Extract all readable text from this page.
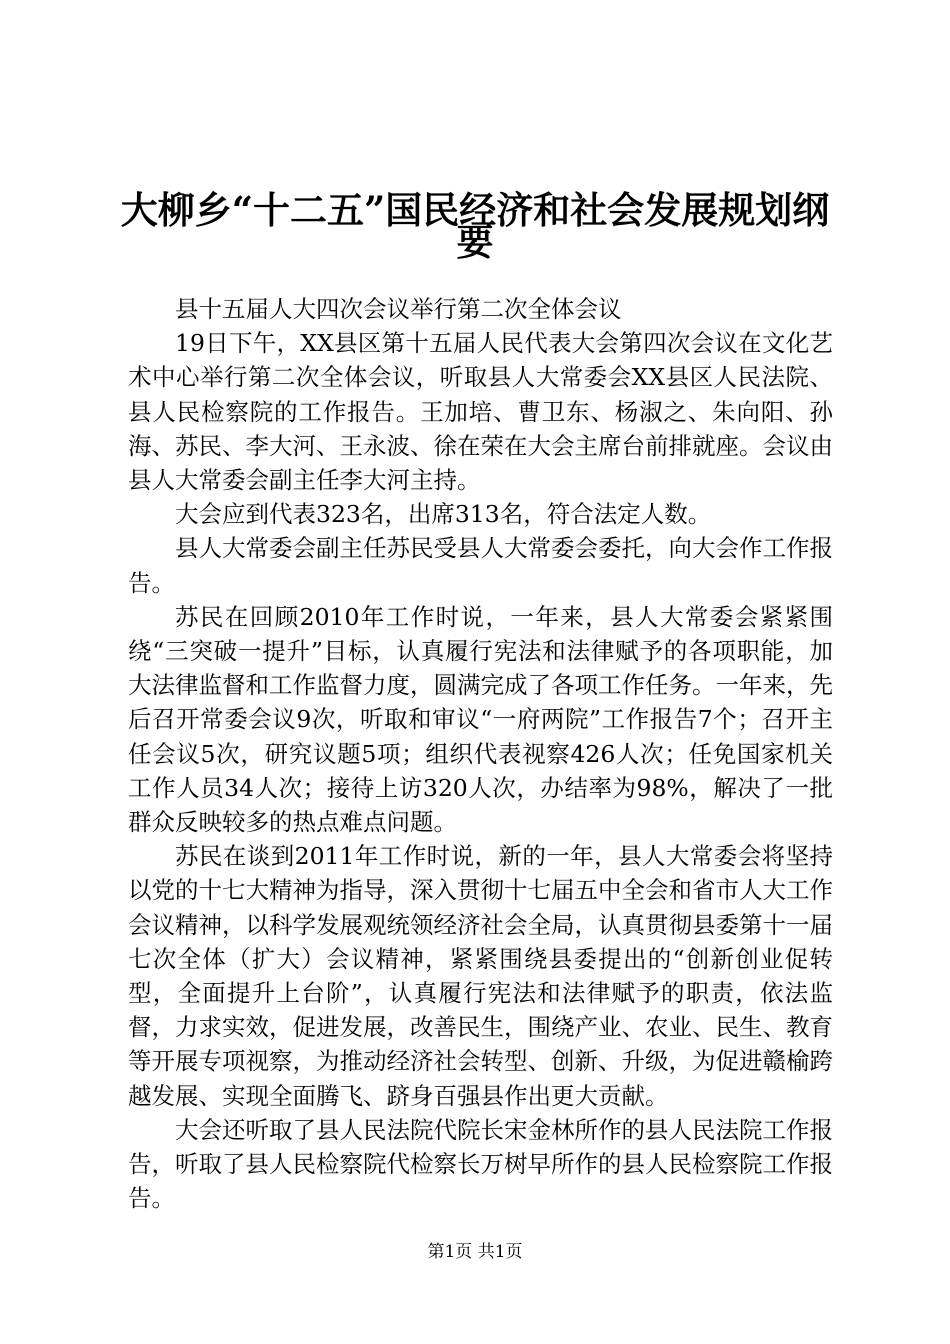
大柳乡“十二五”国民经济和社会发展规划纲
要

县十五届人大四次会议举行第二次全体会议

19日下午，XX县区第十五届人民代表大会第四次会议在文化艺术中心举行第二次全体会议，听取县人大常委会XX县区人民法院、县人民检察院的工作报告。王加培、曹卫东、杨淑之、朱向阳、孙海、苏民、李大河、王永波、徐在荣在大会主席台前排就座。会议由县人大常委会副主任李大河主持。

大会应到代表323名，出席313名，符合法定人数。

县人大常委会副主任苏民受县人大常委会委托，向大会作工作报告。

苏民在回顾2010年工作时说，一年来，县人大常委会紧紧围绕“三突破一提升”目标，认真履行宪法和法律赋予的各项职能，加大法律监督和工作监督力度，圆满完成了各项工作任务。一年来，先后召开常委会议9次，听取和审议“一府两院”工作报告7个；召开主任会议5次，研究议题5项；组织代表视察426人次；任免国家机关工作人员34人次；接待上访320人次，办结率为98%，解决了一批群众反映较多的热点难点问题。

苏民在谈到2011年工作时说，新的一年，县人大常委会将坚持以党的十七大精神为指导，深入贯彻十七届五中全会和省市人大工作会议精神，以科学发展观统领经济社会全局，认真贯彻县委第十一届七次全体（扩大）会议精神，紧紧围绕县委提出的“创新创业促转型，全面提升上台阶”，认真履行宪法和法律赋予的职责，依法监督，力求实效，促进发展，改善民生，围绕产业、农业、民生、教育等开展专项视察，为推动经济社会转型、创新、升级，为促进赣榆跨越发展、实现全面腾飞、跻身百强县作出更大贡献。

大会还听取了县人民法院代院长宋金林所作的县人民法院工作报告，听取了县人民检察院代检察长万树早所作的县人民检察院工作报告。

第1页 共1页
